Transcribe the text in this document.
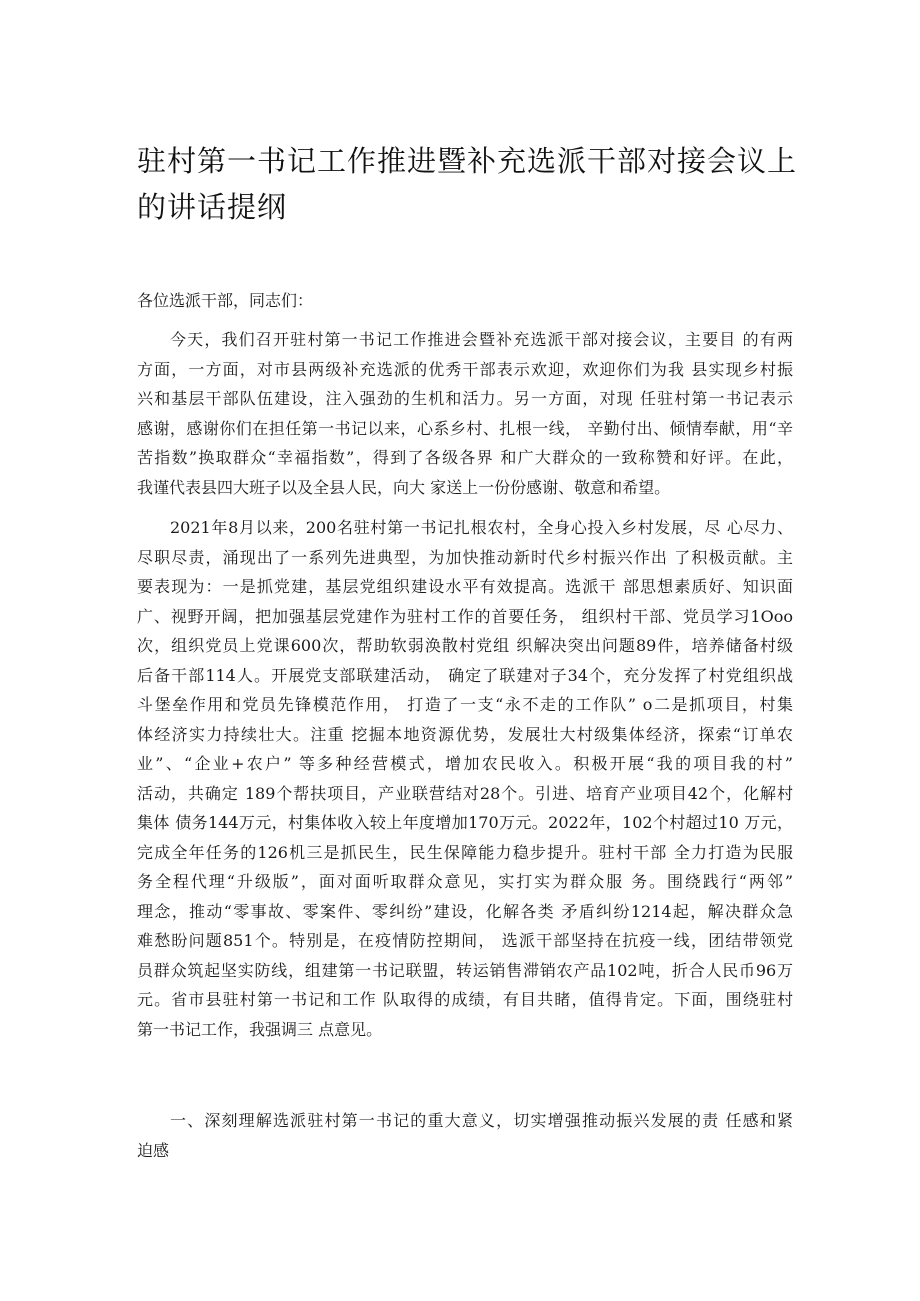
驻村第一书记工作推进暨补充选派干部对接会议上
的讲话提纲

各位选派干部，同志们：

今天，我们召开驻村第一书记工作推进会暨补充选派干部对接会议，主要目 的有两
方面，一方面，对市县两级补充选派的优秀干部表示欢迎，欢迎你们为我 县实现乡村振
兴和基层干部队伍建设，注入强劲的生机和活力。另一方面，对现 任驻村第一书记表示
感谢，感谢你们在担任第一书记以来，心系乡村、扎根一线， 辛勤付出、倾情奉献，用“辛
苦指数”换取群众“幸福指数”，得到了各级各界 和广大群众的一致称赞和好评。在此，
我谨代表县四大班子以及全县人民，向大 家送上一份份感谢、敬意和希望。
2021年8月以来，200名驻村第一书记扎根农村，全身心投入乡村发展，尽 心尽力、
尽职尽责，涌现出了一系列先进典型，为加快推动新时代乡村振兴作出 了积极贡献。主
要表现为：一是抓党建，基层党组织建设水平有效提高。选派干 部思想素质好、知识面
广、视野开阔，把加强基层党建作为驻村工作的首要任务， 组织村干部、党员学习1Ooo
次，组织党员上党课600次，帮助软弱涣散村党组 织解决突出问题89件，培养储备村级
后备干部114人。开展党支部联建活动， 确定了联建对子34个，充分发挥了村党组织战
斗堡垒作用和党员先锋模范作用， 打造了一支“永不走的工作队” o二是抓项目，村集
体经济实力持续壮大。注重 挖掘本地资源优势，发展壮大村级集体经济，探索“订单农
业”、“企业+农户” 等多种经营模式，增加农民收入。积极开展“我的项目我的村”
活动，共确定 189个帮扶项目，产业联营结对28个。引进、培育产业项目42个，化解村
集体 债务144万元，村集体收入较上年度增加170万元。2022年，102个村超过10 万元，
完成全年任务的126机三是抓民生，民生保障能力稳步提升。驻村干部 全力打造为民服
务全程代理“升级版”，面对面听取群众意见，实打实为群众服 务。围绕践行“两邻”
理念，推动“零事故、零案件、零纠纷”建设，化解各类 矛盾纠纷1214起，解决群众急
难愁盼问题851个。特别是，在疫情防控期间， 选派干部坚持在抗疫一线，团结带领党
员群众筑起坚实防线，组建第一书记联盟，转运销售滞销农产品102吨，折合人民币96万
元。省市县驻村第一书记和工作 队取得的成绩，有目共睹，值得肯定。下面，围绕驻村
第一书记工作，我强调三 点意见。
一、深刻理解选派驻村第一书记的重大意义，切实增强推动振兴发展的责 任感和紧
迫感
